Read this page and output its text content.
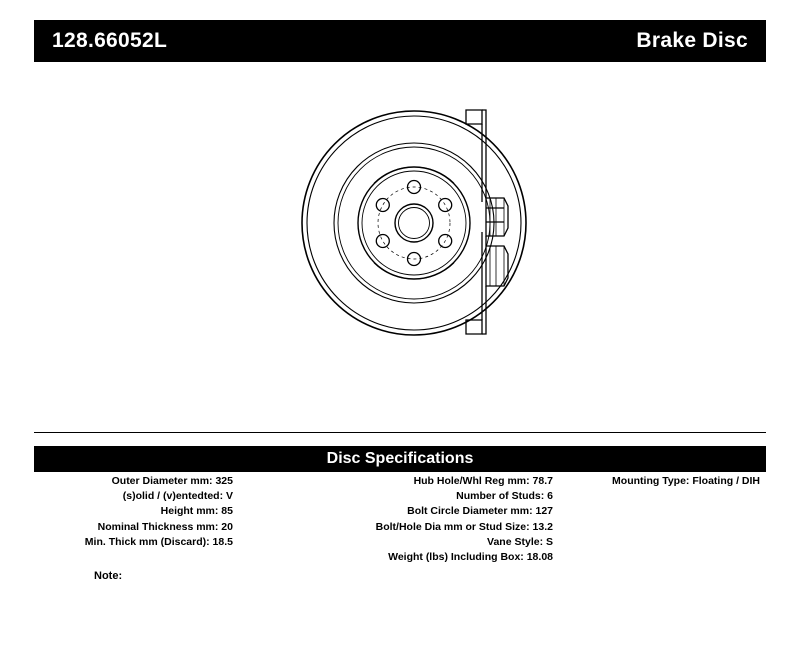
128.66052L	Brake Disc
Disc Specifications
Outer Diameter mm: 325
(s)olid / (v)entedted: V
Height mm: 85
Nominal Thickness mm: 20
Min. Thick mm (Discard): 18.5
Hub Hole/Whl Reg mm: 78.7
Number of Studs: 6
Bolt Circle Diameter mm: 127
Bolt/Hole Dia mm or Stud Size: 13.2
Vane Style: S
Weight (lbs) Including Box: 18.08
Mounting Type: Floating / DIH
Note:
